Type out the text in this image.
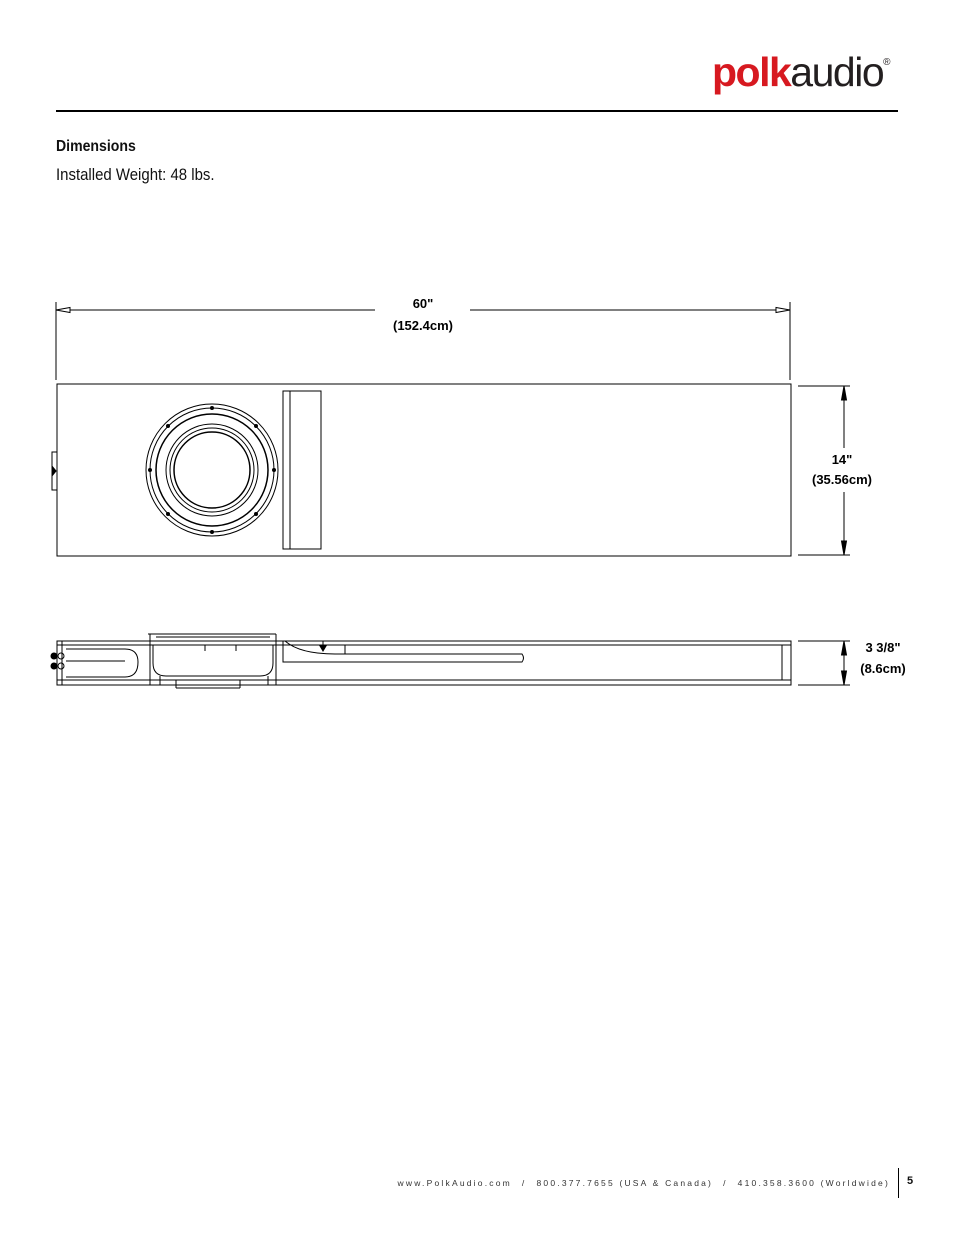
polkaudio®
Dimensions
Installed Weight: 48 lbs.
60"
(152.4cm)
14"
(35.56cm)
3 3/8"
(8.6cm)
www.PolkAudio.com / 800.377.7655 (USA & Canada) / 410.358.3600 (Worldwide) 5
